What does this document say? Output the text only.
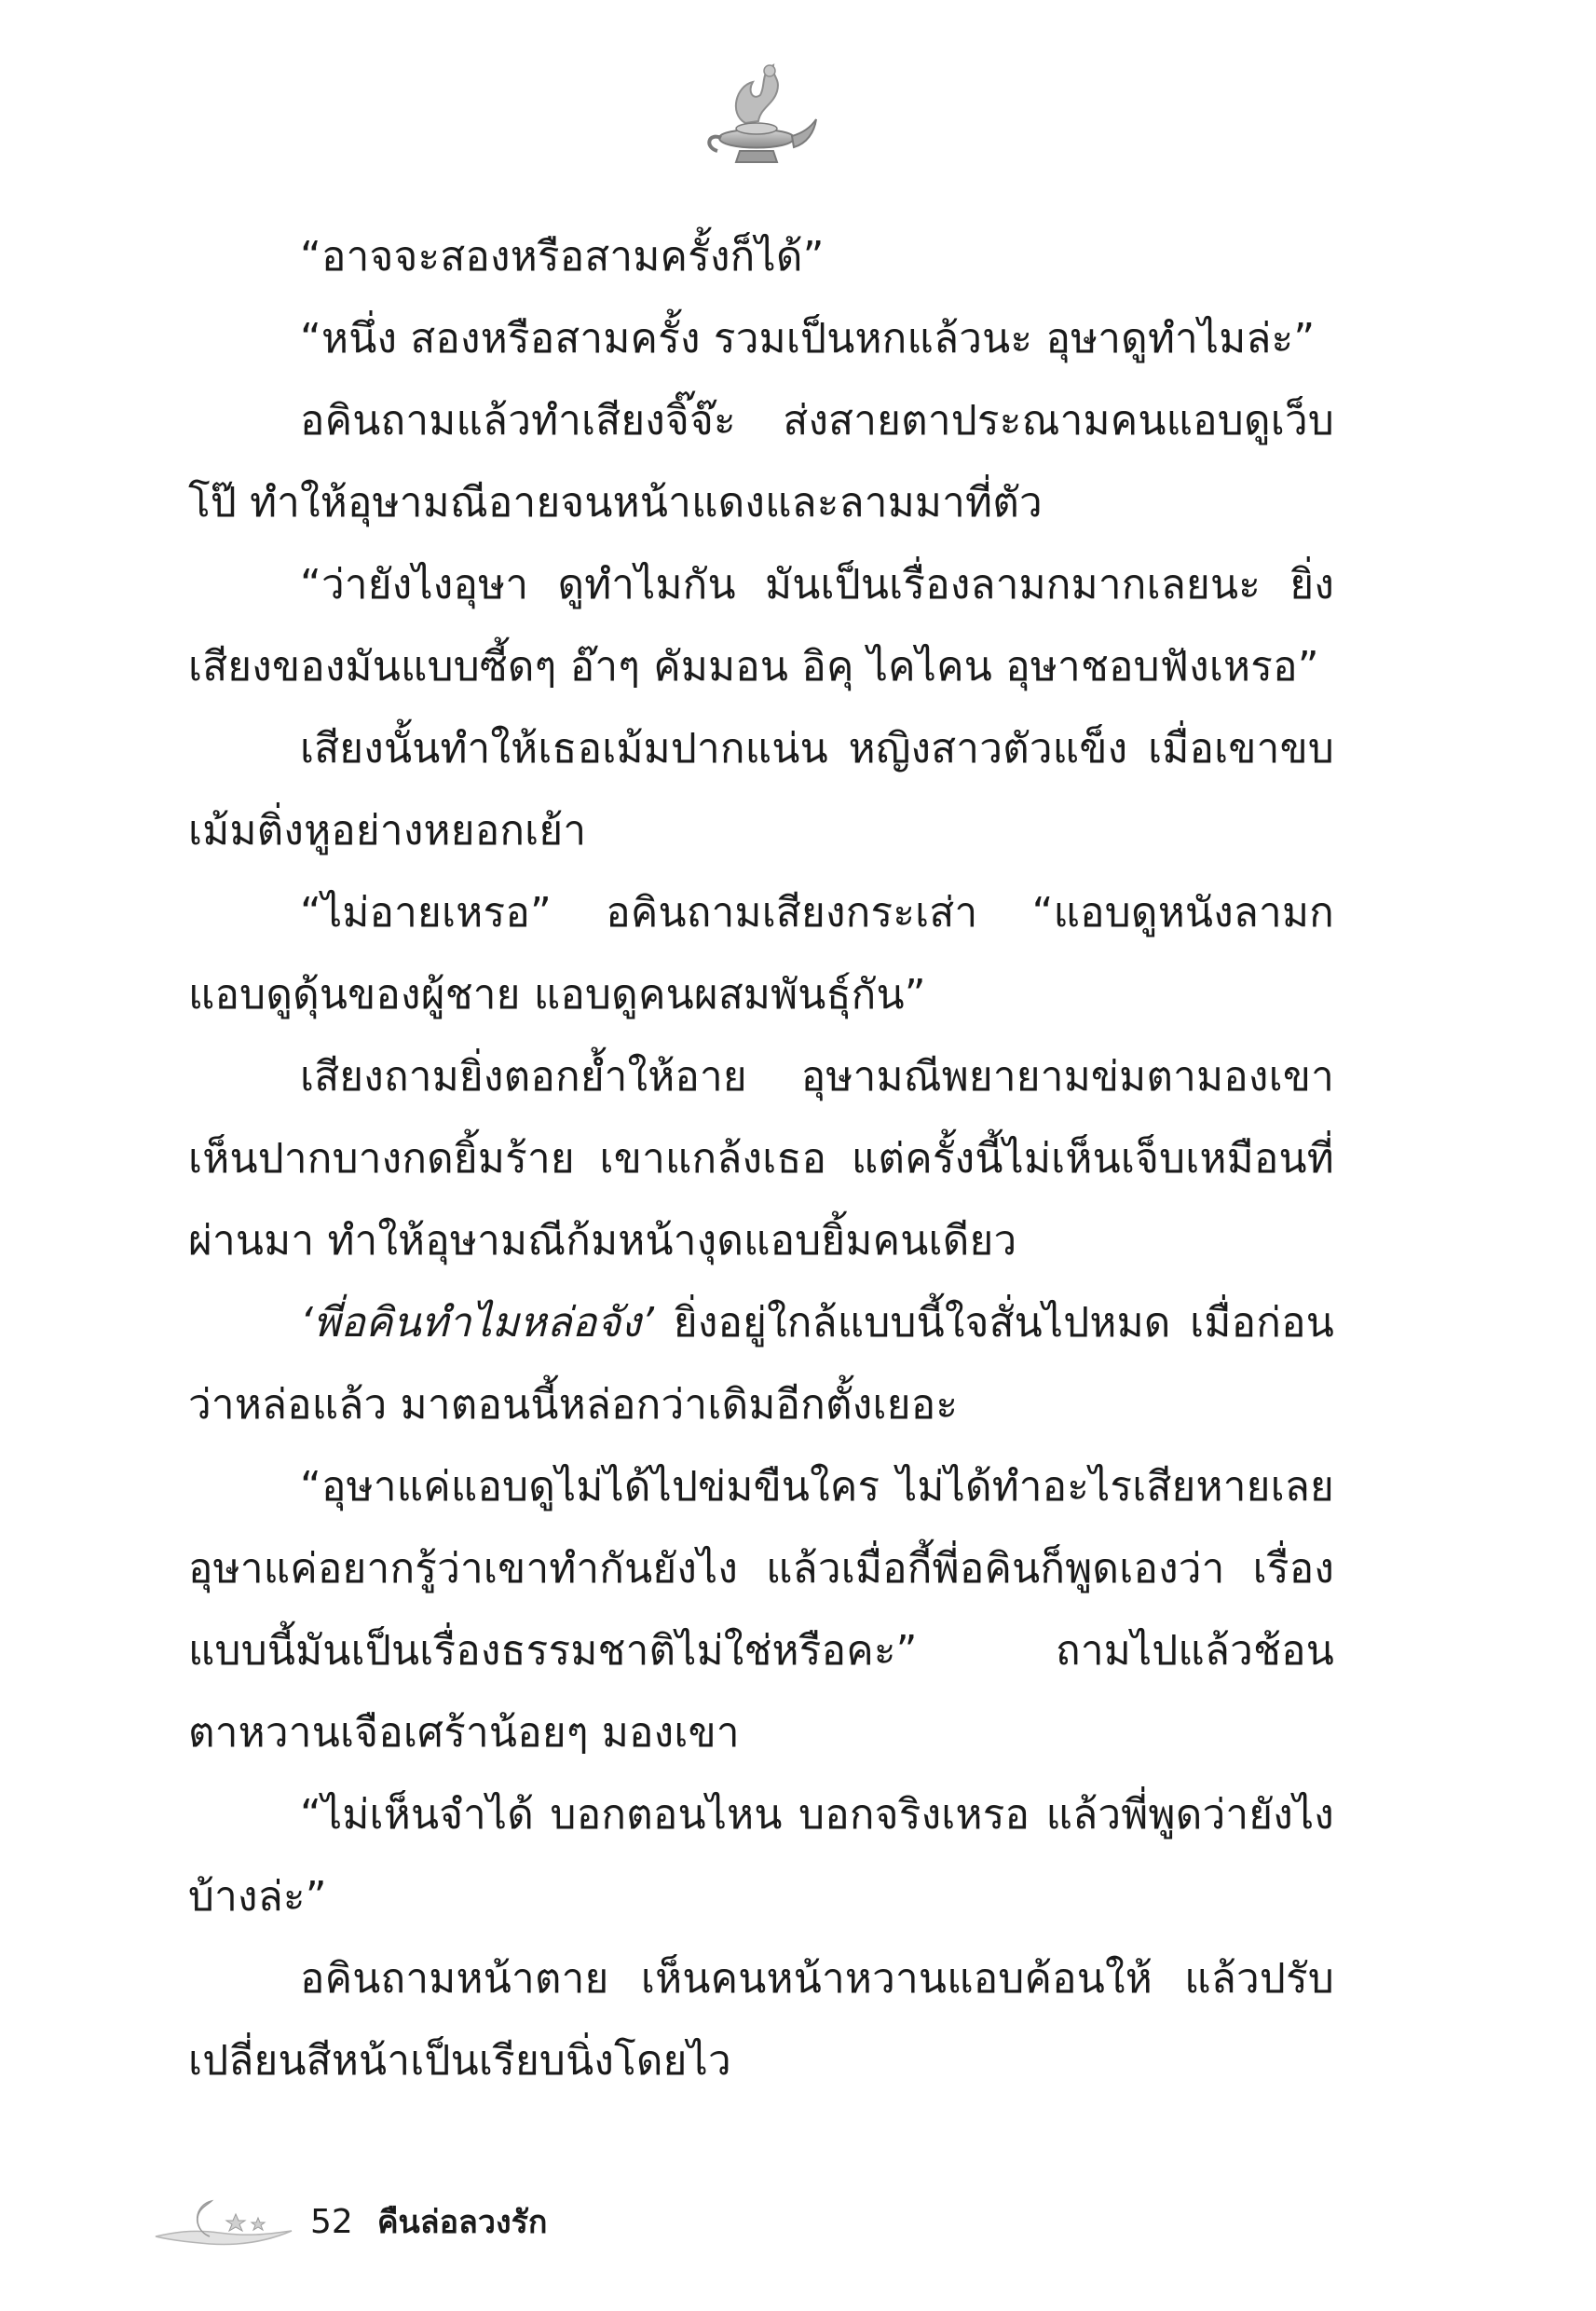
“อาจจะสองหรือสามครั้งก็ได้”

“หนึ่ง สองหรือสามครั้ง รวมเป็นหกแล้วนะ อุษาดูทำไมล่ะ”

อคินถามแล้วทำเสียงจิ๊จ๊ะ ส่งสายตาประณามคนแอบดูเว็บโป๊ ทำให้อุษามณีอายจนหน้าแดงและลามมาที่ตัว

“ว่ายังไงอุษา ดูทำไมกัน มันเป็นเรื่องลามกมากเลยนะ ยิ่งเสียงของมันแบบซี้ดๆ อ๊าๆ คัมมอน อิคุ ไคไคน อุษาชอบฟังเหรอ”

เสียงนั้นทำให้เธอเม้มปากแน่น หญิงสาวตัวแข็ง เมื่อเขาขบเม้มติ่งหูอย่างหยอกเย้า

“ไม่อายเหรอ” อคินถามเสียงกระเส่า “แอบดูหนังลามก แอบดูดุ้นของผู้ชาย แอบดูคนผสมพันธุ์กัน”

เสียงถามยิ่งตอกย้ำให้อาย อุษามณีพยายามข่มตามองเขา เห็นปากบางกดยิ้มร้าย เขาแกล้งเธอ แต่ครั้งนี้ไม่เห็นเจ็บเหมือนที่ผ่านมา ทำให้อุษามณีก้มหน้างุดแอบยิ้มคนเดียว

‘พี่อคินทำไมหล่อจัง’ ยิ่งอยู่ใกล้แบบนี้ใจสั่นไปหมด เมื่อก่อนว่าหล่อแล้ว มาตอนนี้หล่อกว่าเดิมอีกตั้งเยอะ

“อุษาแค่แอบดูไม่ได้ไปข่มขืนใคร ไม่ได้ทำอะไรเสียหายเลย อุษาแค่อยากรู้ว่าเขาทำกันยังไง แล้วเมื่อกี้พี่อคินก็พูดเองว่า เรื่องแบบนี้มันเป็นเรื่องธรรมชาติไม่ใช่หรือคะ” ถามไปแล้วช้อนตาหวานเจือเศร้าน้อยๆ มองเขา

“ไม่เห็นจำได้ บอกตอนไหน บอกจริงเหรอ แล้วพี่พูดว่ายังไงบ้างล่ะ”

อคินถามหน้าตาย เห็นคนหน้าหวานแอบค้อนให้ แล้วปรับเปลี่ยนสีหน้าเป็นเรียบนิ่งโดยไว

52 คืนล่อลวงรัก
